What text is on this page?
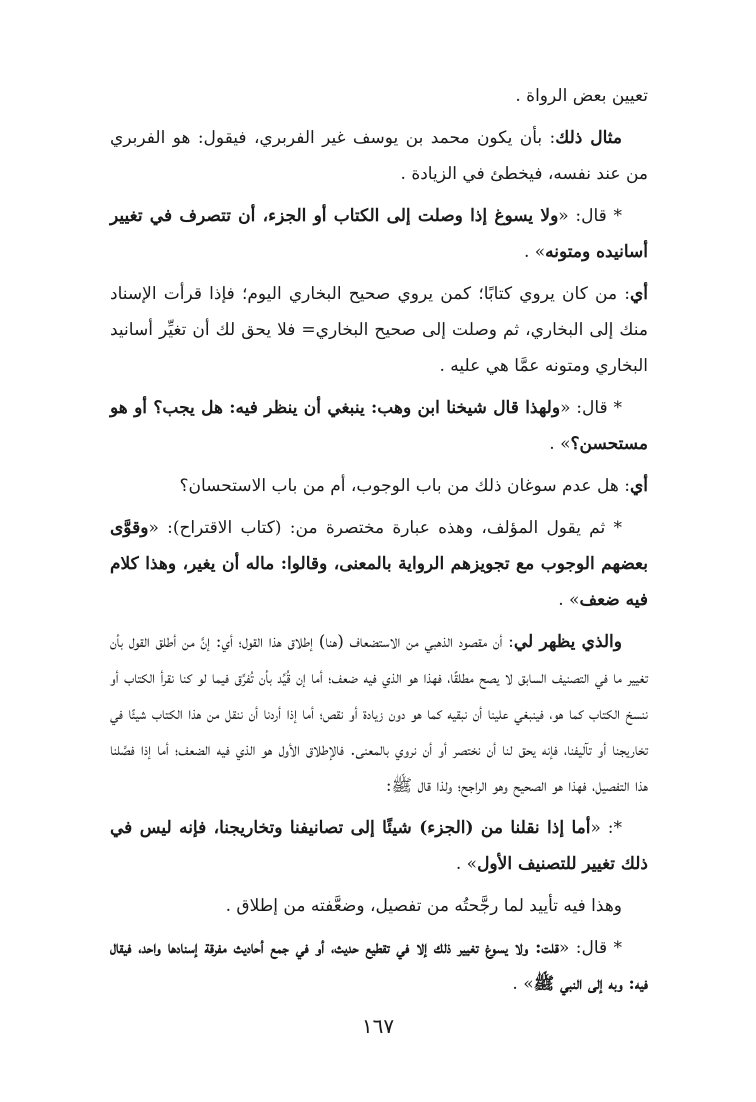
تعيين بعض الرواة .

مثال ذلك: بأن يكون محمد بن يوسف غير الفربري، فيقول: هو الفربري من عند نفسه، فيخطئ في الزيادة .

* قال: «ولا يسوغ إذا وصلت إلى الكتاب أو الجزء، أن تتصرف في تغيير أسانيده ومتونه» .

أي: من كان يروي كتابًا؛ كمن يروي صحيح البخاري اليوم؛ فإذا قرأت الإسناد منك إلى البخاري، ثم وصلت إلى صحيح البخاري= فلا يحق لك أن تغيِّر أسانيد البخاري ومتونه عمَّا هي عليه .

* قال: «ولهذا قال شيخنا ابن وهب: ينبغي أن ينظر فيه: هل يجب؟ أو هو مستحسن؟» .

أي: هل عدم سوغان ذلك من باب الوجوب، أم من باب الاستحسان؟

* ثم يقول المؤلف، وهذه عبارة مختصرة من: (كتاب الاقتراح): «وقوَّى بعضهم الوجوب مع تجويزهم الرواية بالمعنى، وقالوا: ماله أن يغير، وهذا كلام فيه ضعف» .

والذي يظهر لي: أن مقصود الذهبي من الاستضعاف (هنا) إطلاق هذا القول؛ أي: إنَّ من أطلق القول بأن تغيير ما في التصنيف السابق لا يصح مطلقًا، فهذا هو الذي فيه ضعف؛ أما إن قُيِّد بأن تُفرِّق فيما لو كنا نقرأ الكتاب أو ننسخ الكتاب كما هو، فينبغي علينا أن نبقيه كما هو دون زيادة أو نقص؛ أما إذا أردنا أن ننقل من هذا الكتاب شيئًا في تخاريجنا أو تآليفنا، فإنه يحق لنا أن نختصر أو أن نروي بالمعنى. فالإطلاق الأول هو الذي فيه الضعف؛ أما إذا فصَّلنا هذا التفصيل، فهذا هو الصحيح وهو الراجح؛ ولذا قال ﷺ:

*: «أما إذا نقلنا من (الجزء) شيئًا إلى تصانيفنا وتخاريجنا، فإنه ليس في ذلك تغيير للتصنيف الأول» .

وهذا فيه تأييد لما رجَّحتُه من تفصيل، وضعَّفته من إطلاق .

* قال: «قلت: ولا يسوغ تغيير ذلك إلا في تقطيع حديث، أو في جمع أحاديث مفرقة إسنادها واحد، فيقال فيه: وبه إلى النبي ﷺ» .

١٦٧
